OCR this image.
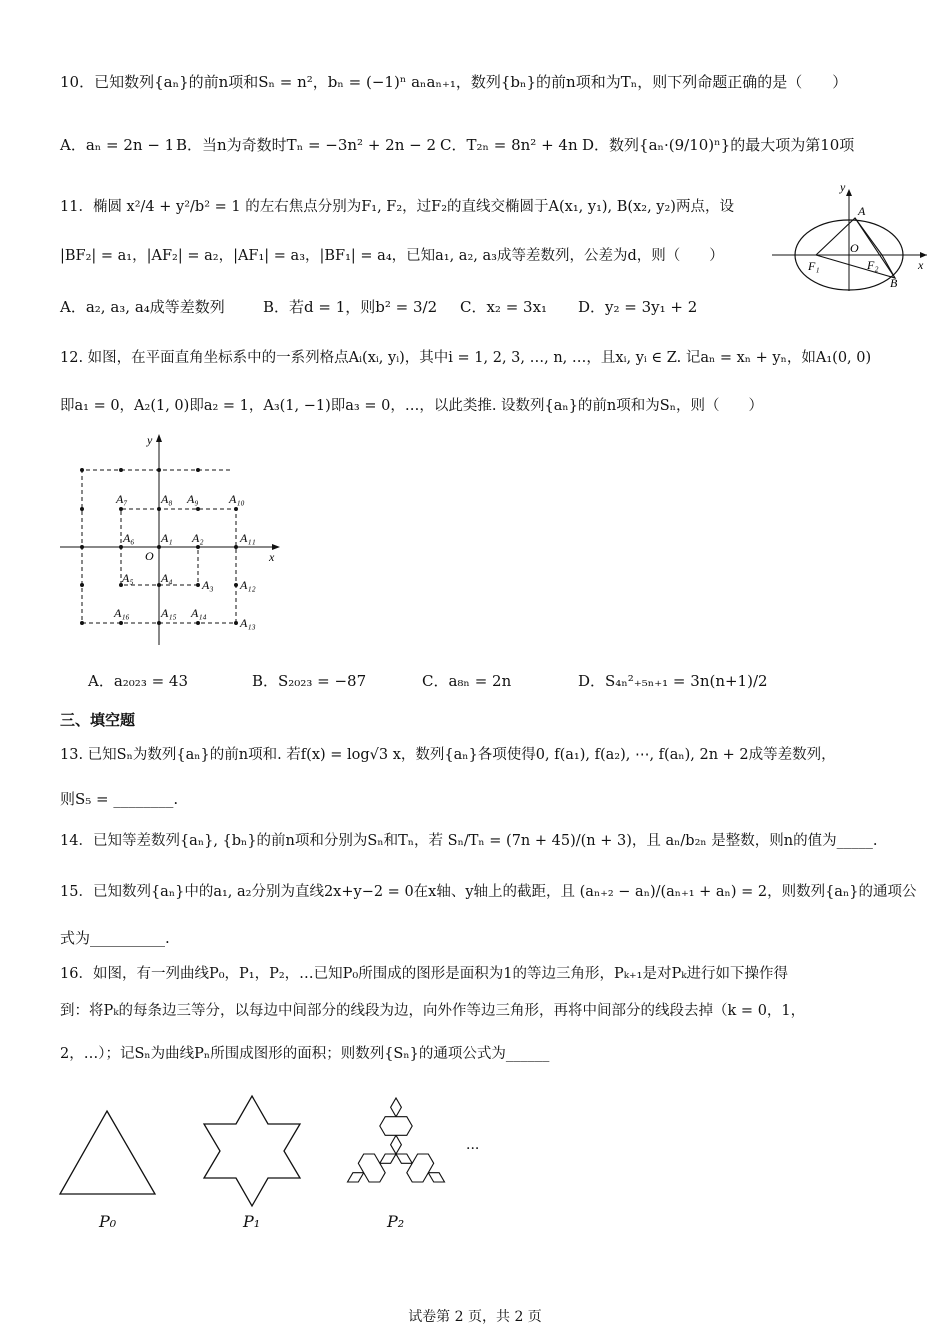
10．已知数列{aₙ}的前n项和Sₙ = n²，bₙ = (−1)ⁿ aₙaₙ₊₁，数列{bₙ}的前n项和为Tₙ，则下列命题正确的是（　　）
A．aₙ = 2n − 1 B．当n为奇数时Tₙ = −3n² + 2n − 2 C．T₂ₙ = 8n² + 4n D．数列{aₙ·(9/10)ⁿ}的最大项为第10项
11．椭圆 x²/4 + y²/b² = 1 的左右焦点分别为F₁, F₂，过F₂的直线交椭圆于A(x₁, y₁), B(x₂, y₂)两点，设
|BF₂| = a₁，|AF₂| = a₂，|AF₁| = a₃，|BF₁| = a₄，已知a₁, a₂, a₃成等差数列，公差为d，则（　　）
A．a₂, a₃, a₄成等差数列	B．若d = 1，则b² = 3/2 C．x₂ = 3x₁ D．y₂ = 3y₁ + 2
y
A
O
F₁	F₂	x
B
12. 如图，在平面直角坐标系中的一系列格点Aᵢ(xᵢ, yᵢ)，其中i = 1, 2, 3, …, n, …，且xᵢ, yᵢ ∈ Z. 记aₙ = xₙ + yₙ，如A₁(0, 0)
即a₁ = 0，A₂(1, 0)即a₂ = 1，A₃(1, −1)即a₃ = 0，…，以此类推. 设数列{aₙ}的前n项和为Sₙ，则（　　）
y
x
O
A₁ A₂
A₃
A₄
A₅
A₆
A₇	A₈ A₉	A₁₀
A₁₁
A₁₂
A₁₃
A₁₄
A₁₅
A₁₆
A．a₂₀₂₃ = 43	B．S₂₀₂₃ = −87	C．a₈ₙ = 2n	D．S₄ₙ²₊₅ₙ₊₁ = 3n(n+1)/2
三、填空题
13. 已知Sₙ为数列{aₙ}的前n项和. 若f(x) = log√3 x，数列{aₙ}各项使得0, f(a₁), f(a₂), ⋯, f(aₙ), 2n + 2成等差数列，
则S₅ = ________.
14．已知等差数列{aₙ}, {bₙ}的前n项和分别为Sₙ和Tₙ，若 Sₙ/Tₙ = (7n + 45)/(n + 3)，且 aₙ/b₂ₙ 是整数，则n的值为_____.
15．已知数列{aₙ}中的a₁, a₂分别为直线2x+y−2 = 0在x轴、y轴上的截距，且 (aₙ₊₂ − aₙ)/(aₙ₊₁ + aₙ) = 2，则数列{aₙ}的通项公
式为__________.
16．如图，有一列曲线P₀，P₁，P₂，…已知P₀所围成的图形是面积为1的等边三角形，Pₖ₊₁是对Pₖ进行如下操作得
到：将Pₖ的每条边三等分，以每边中间部分的线段为边，向外作等边三角形，再将中间部分的线段去掉（k = 0，1，
2，…）；记Sₙ为曲线Pₙ所围成图形的面积；则数列{Sₙ}的通项公式为______
···
P₀	P₁	P₂
试卷第 2 页，共 2 页
